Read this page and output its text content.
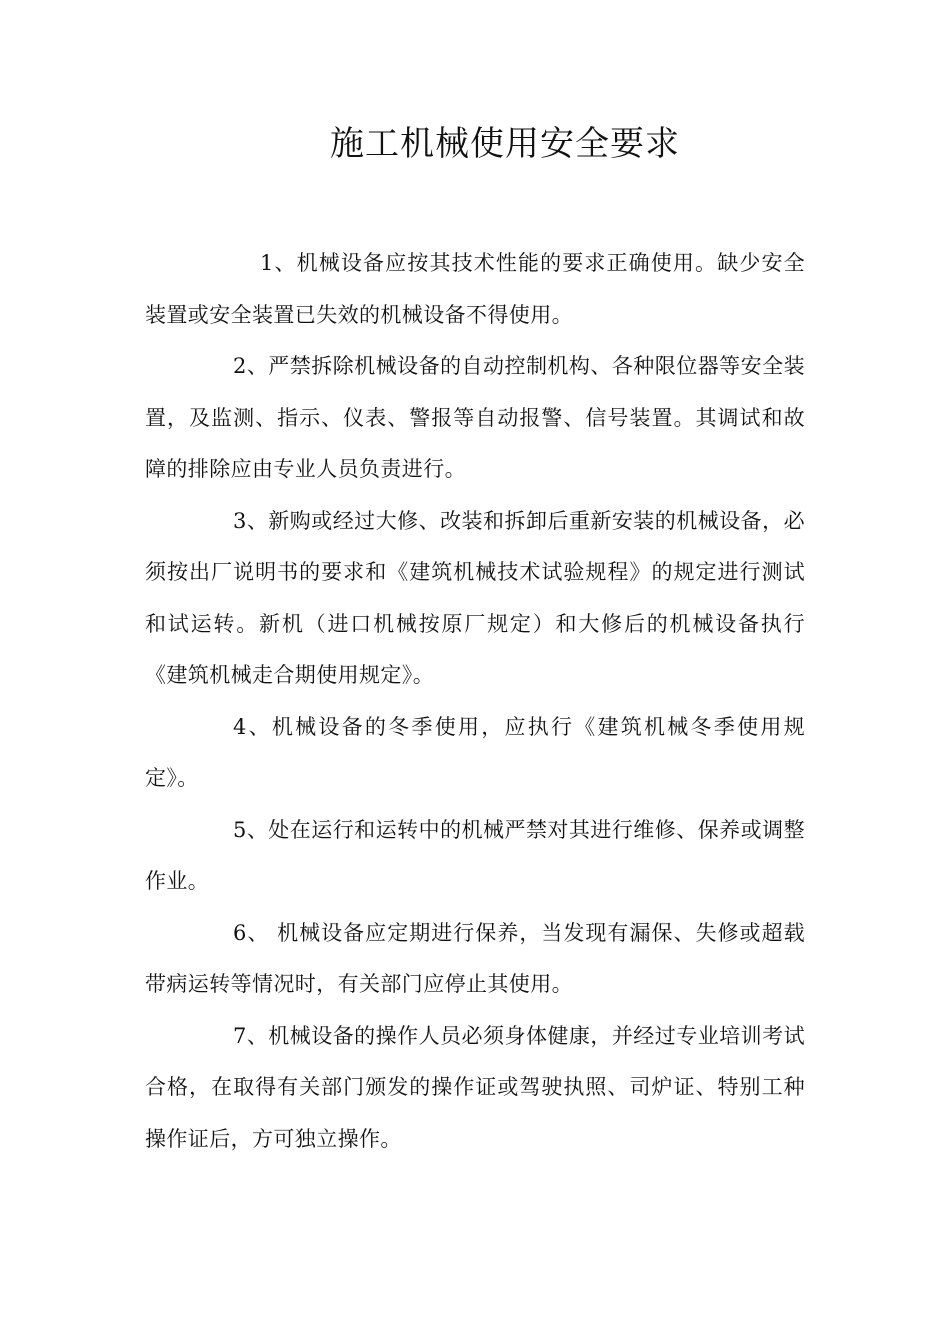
施工机械使用安全要求

1、机械设备应按其技术性能的要求正确使用。缺少安全装置或安全装置已失效的机械设备不得使用。

2、严禁拆除机械设备的自动控制机构、各种限位器等安全装置，及监测、指示、仪表、警报等自动报警、信号装置。其调试和故障的排除应由专业人员负责进行。

3、新购或经过大修、改装和拆卸后重新安装的机械设备，必须按出厂说明书的要求和《建筑机械技术试验规程》的规定进行测试和试运转。新机（进口机械按原厂规定）和大修后的机械设备执行《建筑机械走合期使用规定》。

4、机械设备的冬季使用，应执行《建筑机械冬季使用规定》。

5、处在运行和运转中的机械严禁对其进行维修、保养或调整作业。

6、 机械设备应定期进行保养，当发现有漏保、失修或超载带病运转等情况时，有关部门应停止其使用。

7、机械设备的操作人员必须身体健康，并经过专业培训考试合格，在取得有关部门颁发的操作证或驾驶执照、司炉证、特别工种操作证后，方可独立操作。
